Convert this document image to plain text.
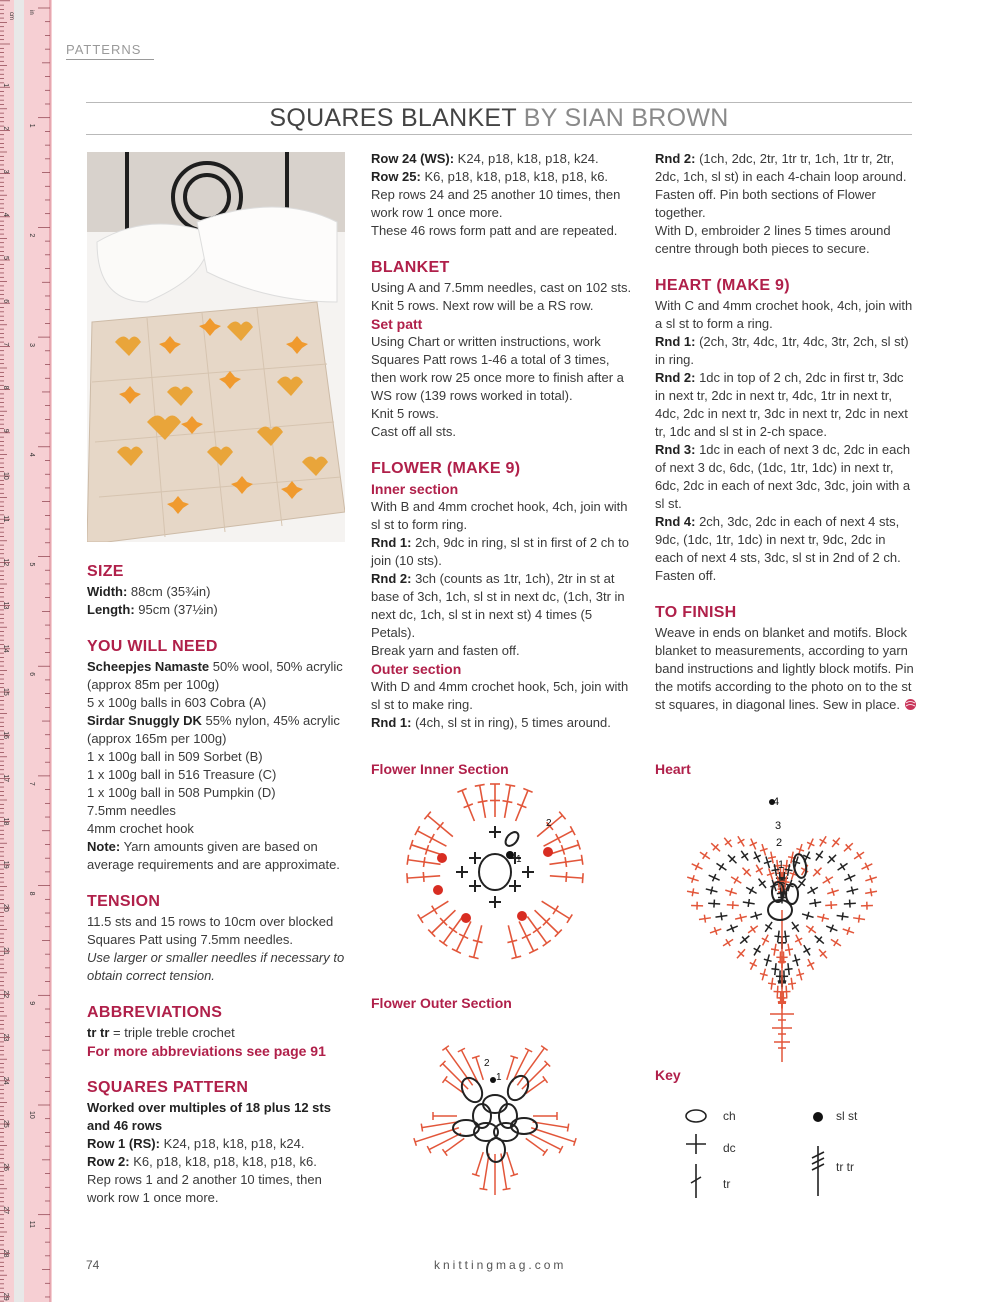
cm
1
2
3
4
5
6
7
8
9
10
11
12
13
14
15
16
17
18
19
20
21
22
23
24
25
26
27
28
29
in
1
2
3
4
5
6
7
8
9
10
11
PATTERNS
SQUARES BLANKET BY SIAN BROWN
SIZE

Width: 88cm (35¾in)

Length: 95cm (37½in)

YOU WILL NEED

Scheepjes Namaste 50% wool, 50% acrylic (approx 85m per 100g)

5 x 100g balls in 603 Cobra (A)

Sirdar Snuggly DK 55% nylon, 45% acrylic (approx 165m per 100g)

1 x 100g ball in 509 Sorbet (B)

1 x 100g ball in 516 Treasure (C)

1 x 100g ball in 508 Pumpkin (D)

7.5mm needles

4mm crochet hook

Note: Yarn amounts given are based on average requirements and are approximate.

TENSION

11.5 sts and 15 rows to 10cm over blocked Squares Patt using 7.5mm needles.

Use larger or smaller needles if necessary to obtain correct tension.

ABBREVIATIONS

tr tr = triple treble crochet

For more abbreviations see page 91

SQUARES PATTERN

Worked over multiples of 18 plus 12 sts and 46 rows

Row 1 (RS): K24, p18, k18, p18, k24.

Row 2: K6, p18, k18, p18, k18, p18, k6.

Rep rows 1 and 2 another 10 times, then work row 1 once more.

Row 24 (WS): K24, p18, k18, p18, k24.

Row 25: K6, p18, k18, p18, k18, p18, k6.

Rep rows 24 and 25 another 10 times, then work row 1 once more.

These 46 rows form patt and are repeated.

BLANKET

Using A and 7.5mm needles, cast on 102 sts.

Knit 5 rows. Next row will be a RS row.

Set patt

Using Chart or written instructions, work Squares Patt rows 1-46 a total of 3 times, then work row 25 once more to finish after a WS row (139 rows worked in total).

Knit 5 rows.

Cast off all sts.

FLOWER (MAKE 9)

Inner section

With B and 4mm crochet hook, 4ch, join with sl st to form ring.

Rnd 1: 2ch, 9dc in ring, sl st in first of 2 ch to join (10 sts).

Rnd 2: 3ch (counts as 1tr, 1ch), 2tr in st at base of 3ch, 1ch, sl st in next dc, (1ch, 3tr in next dc, 1ch, sl st in next st) 4 times (5 Petals).

Break yarn and fasten off.

Outer section

With D and 4mm crochet hook, 5ch, join with sl st to make ring.

Rnd 1: (4ch, sl st in ring), 5 times around.

Rnd 2: (1ch, 2dc, 2tr, 1tr tr, 1ch, 1tr tr, 2tr, 2dc, 1ch, sl st) in each 4-chain loop around. Fasten off. Pin both sections of Flower together.

With D, embroider 2 lines 5 times around centre through both pieces to secure.

HEART (MAKE 9)

With C and 4mm crochet hook, 4ch, join with a sl st to form a ring.

Rnd 1: (2ch, 3tr, 4dc, 1tr, 4dc, 3tr, 2ch, sl st) in ring.

Rnd 2: 1dc in top of 2 ch, 2dc in first tr, 3dc in next tr, 2dc in next tr, 4dc, 1tr in next tr, 4dc, 2dc in next tr, 3dc in next tr, 2dc in next tr, 1dc and sl st in 2-ch space.

Rnd 3: 1dc in each of next 3 dc, 2dc in each of next 3 dc, 6dc, (1dc, 1tr, 1dc) in next tr, 6dc, 2dc in each of next 3dc, 3dc, join with a sl st.

Rnd 4: 2ch, 3dc, 2dc in each of next 4 sts, 9dc, (1dc, 1tr, 1dc) in next tr, 9dc, 2dc in each of next 4 sts, 3dc, sl st in 2nd of 2 ch.

Fasten off.

TO FINISH

Weave in ends on blanket and motifs. Block blanket to measurements, according to yarn band instructions and lightly block motifs. Pin the motifs according to the photo on to the st st squares, in diagonal lines. Sew in place.

Flower Inner Section
Flower Outer Section
Heart
Key
1
2
2
1
4
3
2
1
ch
dc
tr
sl st
tr tr
74	knittingmag.com
